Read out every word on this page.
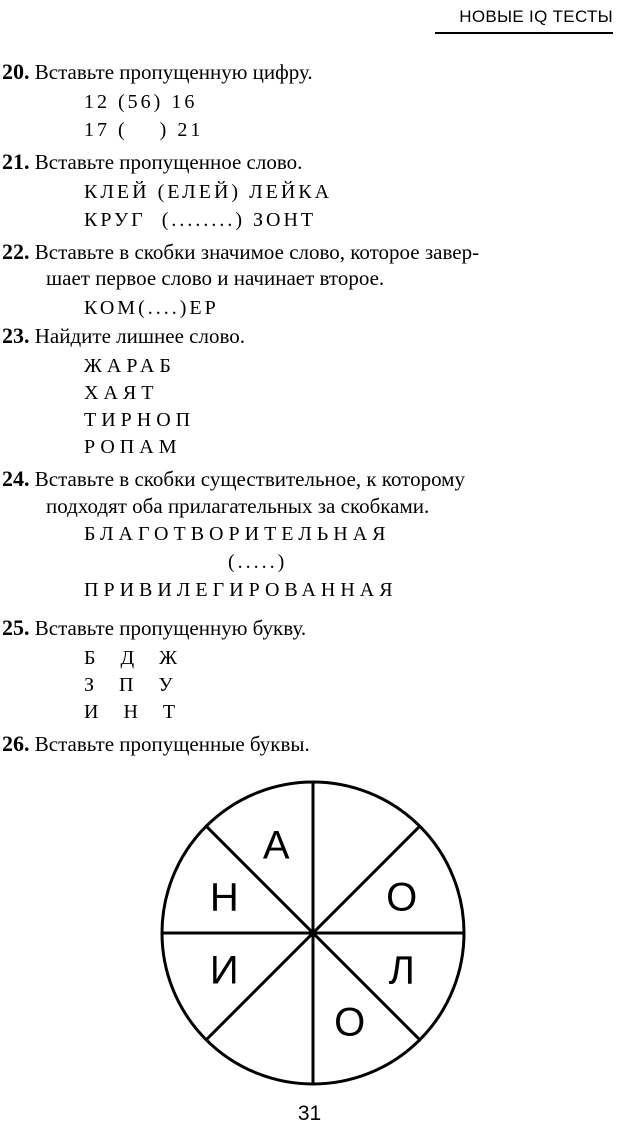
НОВЫЕ IQ ТЕСТЫ
20. Вставьте пропущенную цифру.
12 (56) 16
17 (    ) 21
21. Вставьте пропущенное слово.
КЛЕЙ (ЕЛЕЙ) ЛЕЙКА
КРУГ  (........) ЗОНТ
22. Вставьте в скобки значимое слово, которое завер-
шает первое слово и начинает второе.
КОМ(....)ЕР
23. Найдите лишнее слово.
ЖАРАБ
ХАЯТ
ТИРНОП
РОПАМ
24. Вставьте в скобки существительное, к которому
подходят оба прилагательных за скобками.
БЛАГОТВОРИТЕЛЬНАЯ
(.....)
ПРИВИЛЕГИРОВАННАЯ
25. Вставьте пропущенную букву.
Б Д Ж
З П У
И Н Т
26. Вставьте пропущенные буквы.
О
Л
О
И
Н
А
31
